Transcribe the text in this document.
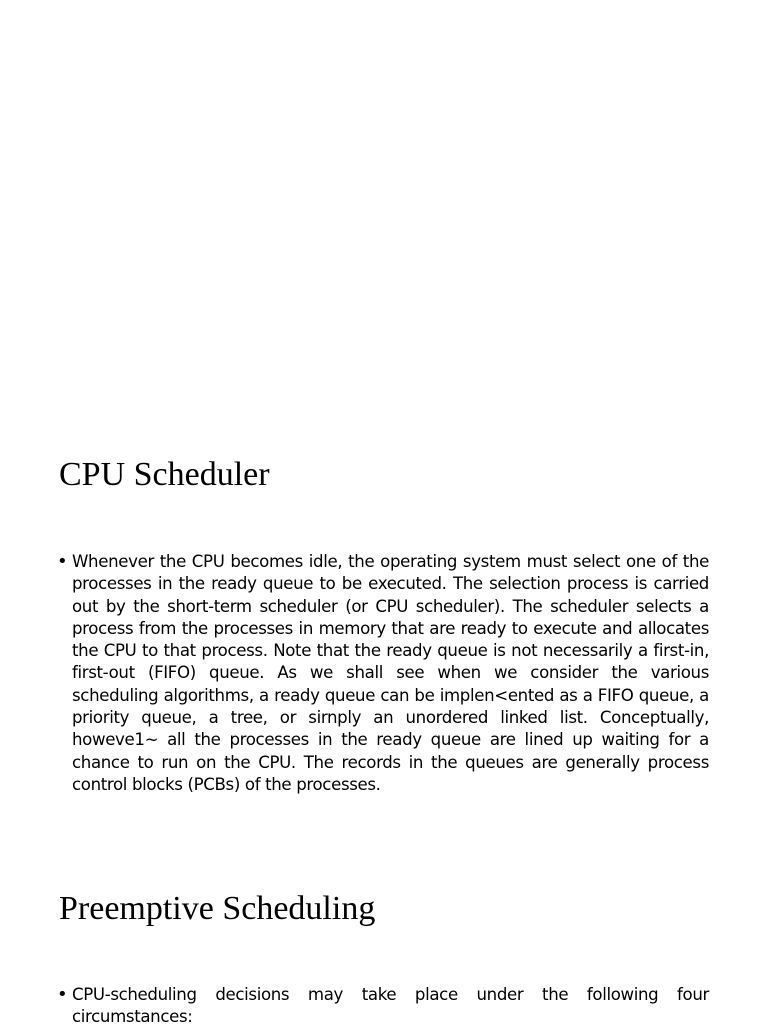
CPU Scheduler
• Whenever the CPU becomes idle, the operating system must select one of the processes in the ready queue to be executed. The selection process is carried out by the short-term scheduler (or CPU scheduler). The scheduler selects a process from the processes in memory that are ready to execute and allocates the CPU to that process. Note that the ready queue is not necessarily a first-in, first-out (FIFO) queue. As we shall see when we consider the various scheduling algorithms, a ready queue can be implen<ented as a FIFO queue, a priority queue, a tree, or sirnply an unordered linked list. Conceptually, howeve1~ all the processes in the ready queue are lined up waiting for a chance to run on the CPU. The records in the queues are generally process control blocks (PCBs) of the processes.

Preemptive Scheduling
• CPU-scheduling decisions may take place under the following four circumstances:
